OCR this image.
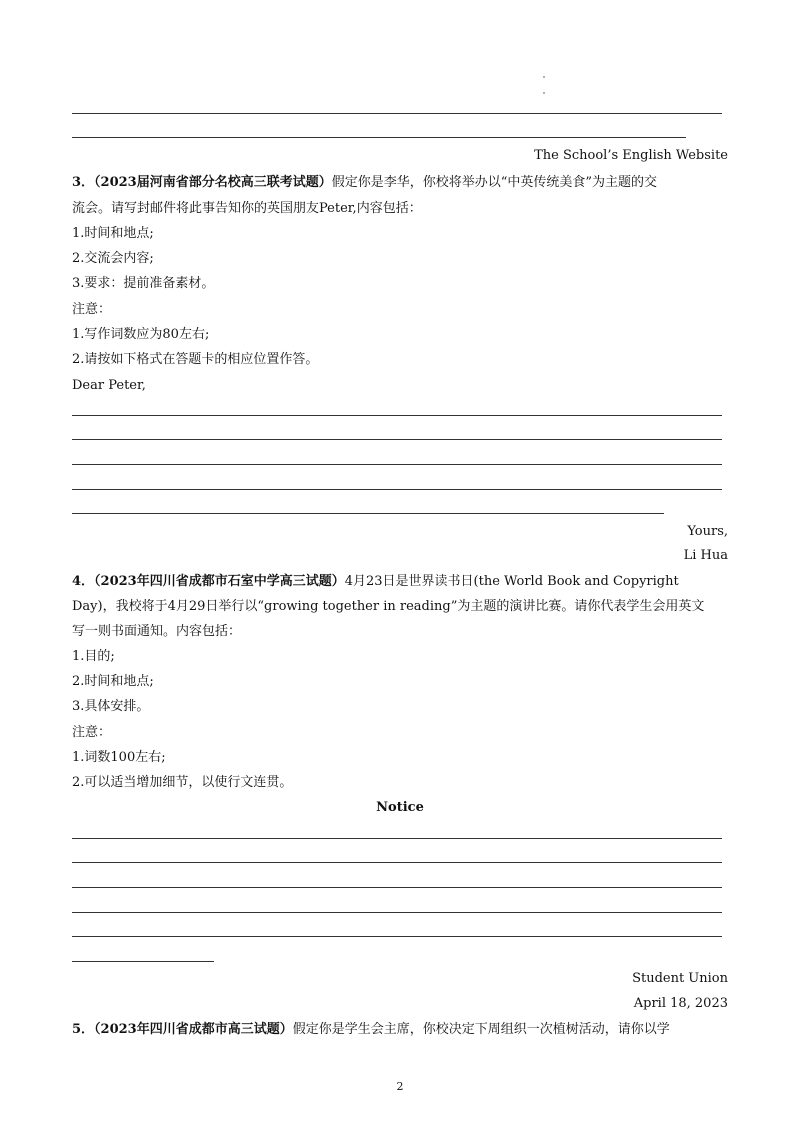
The School’s English Website
3．（2023届河南省部分名校高三联考试题）假定你是李华，你校将举办以“中英传统美食”为主题的交
流会。请写封邮件将此事告知你的英国朋友Peter,内容包括：
1.时间和地点;
2.交流会内容;
3.要求：提前准备素材。
注意：
1.写作词数应为80左右;
2.请按如下格式在答题卡的相应位置作答。
Dear Peter,
Yours,
Li Hua
4．（2023年四川省成都市石室中学高三试题）4月23日是世界读书日(the World Book and Copyright
Day)，我校将于4月29日举行以“growing together in reading”为主题的演讲比赛。请你代表学生会用英文
写一则书面通知。内容包括：
1.目的;
2.时间和地点;
3.具体安排。
注意：
1.词数100左右;
2.可以适当增加细节，以使行文连贯。
Notice
Student Union
April 18, 2023
5．（2023年四川省成都市高三试题）假定你是学生会主席，你校决定下周组织一次植树活动，请你以学
2
